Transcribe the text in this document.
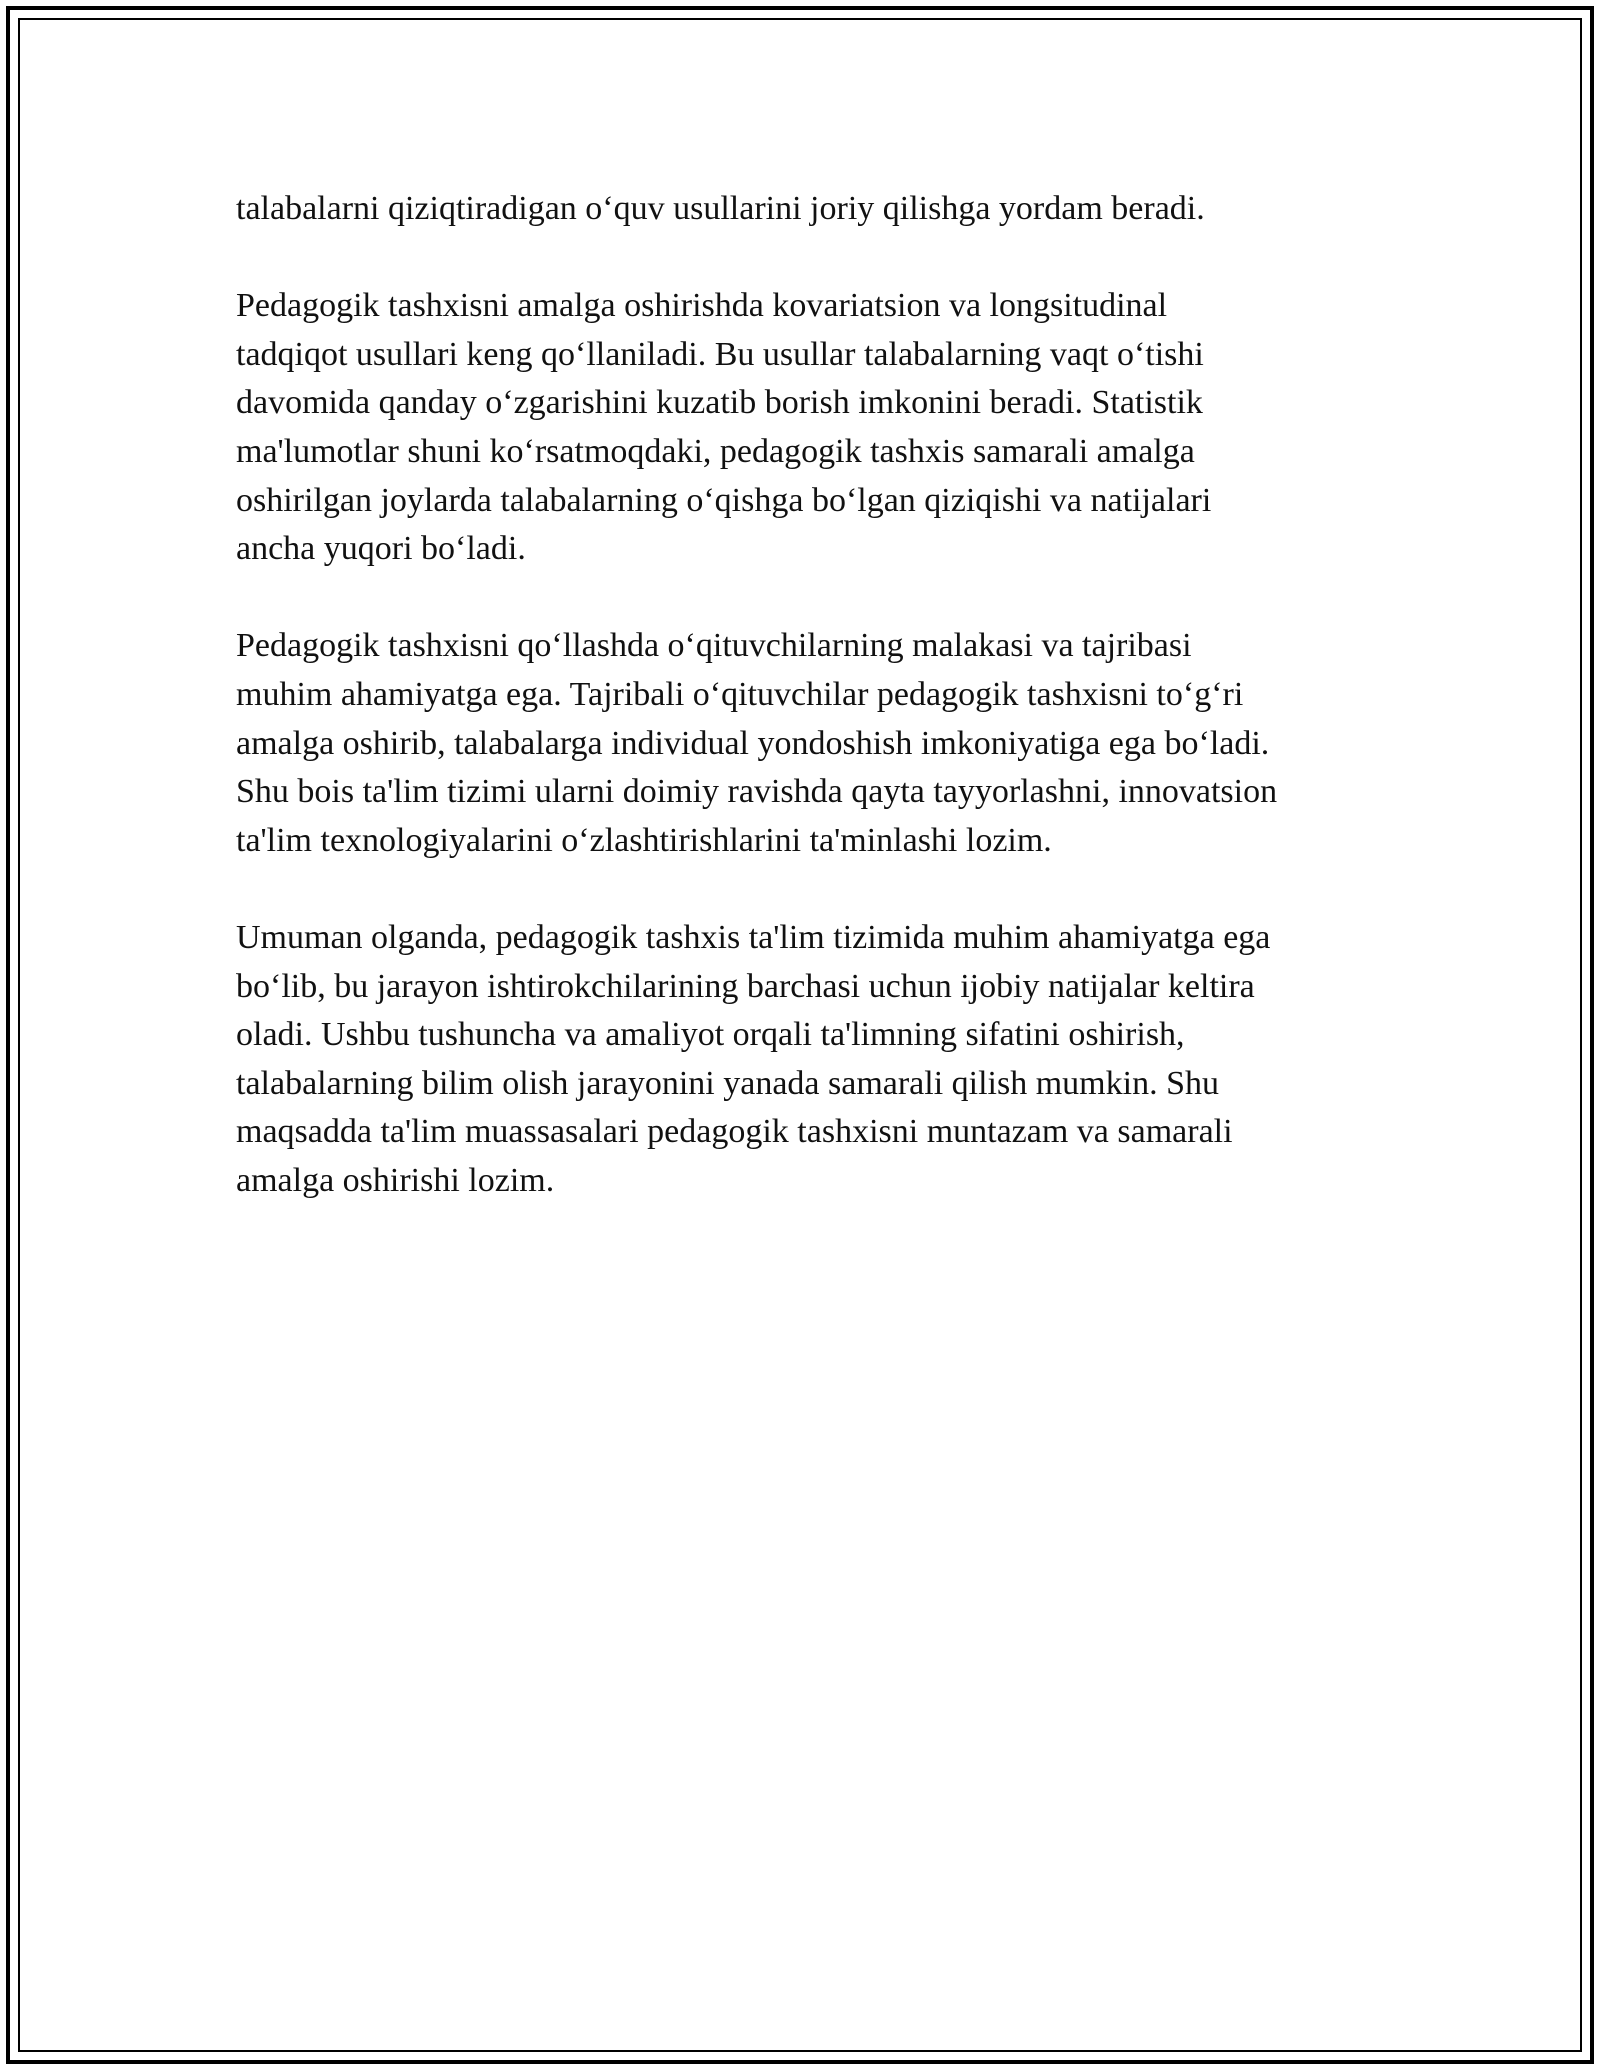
talabalarni qiziqtiradigan o‘quv usullarini joriy qilishga yordam beradi.

Pedagogik tashxisni amalga oshirishda kovariatsion va longsitudinal
tadqiqot usullari keng qo‘llaniladi. Bu usullar talabalarning vaqt o‘tishi
davomida qanday o‘zgarishini kuzatib borish imkonini beradi. Statistik
ma'lumotlar shuni ko‘rsatmoqdaki, pedagogik tashxis samarali amalga
oshirilgan joylarda talabalarning o‘qishga bo‘lgan qiziqishi va natijalari
ancha yuqori bo‘ladi.

Pedagogik tashxisni qo‘llashda o‘qituvchilarning malakasi va tajribasi
muhim ahamiyatga ega. Tajribali o‘qituvchilar pedagogik tashxisni to‘g‘ri
amalga oshirib, talabalarga individual yondoshish imkoniyatiga ega bo‘ladi.
Shu bois ta'lim tizimi ularni doimiy ravishda qayta tayyorlashni, innovatsion
ta'lim texnologiyalarini o‘zlashtirishlarini ta'minlashi lozim.

Umuman olganda, pedagogik tashxis ta'lim tizimida muhim ahamiyatga ega
bo‘lib, bu jarayon ishtirokchilarining barchasi uchun ijobiy natijalar keltira
oladi. Ushbu tushuncha va amaliyot orqali ta'limning sifatini oshirish,
talabalarning bilim olish jarayonini yanada samarali qilish mumkin. Shu
maqsadda ta'lim muassasalari pedagogik tashxisni muntazam va samarali
amalga oshirishi lozim.
